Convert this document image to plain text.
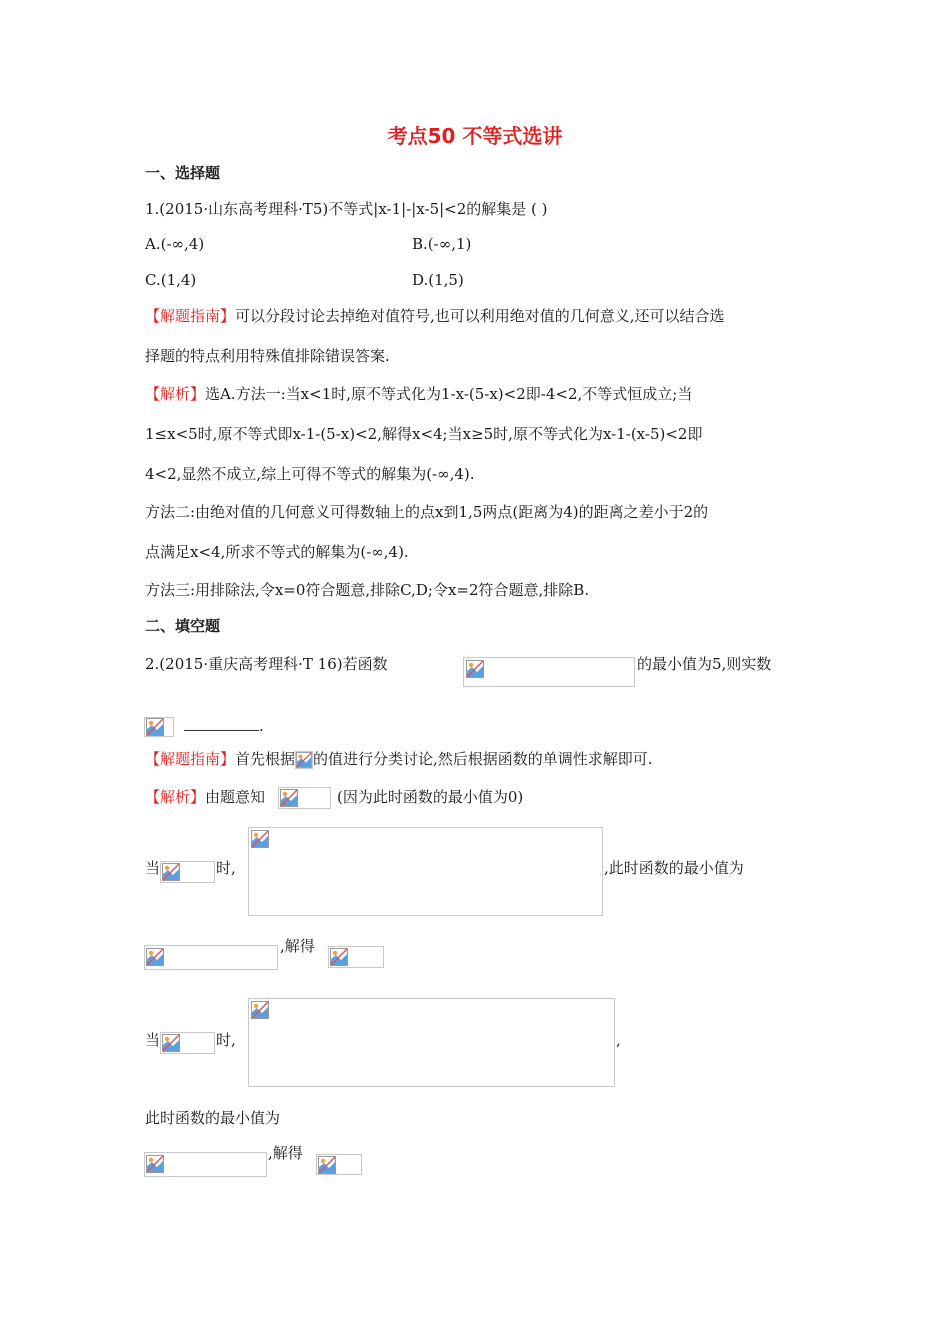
考点50 不等式选讲
一、选择题
1.(2015·山东高考理科·T5)不等式|x-1|-|x-5|<2的解集是 ( )
A.(-∞,4)	B.(-∞,1)
C.(1,4)	D.(1,5)
【解题指南】可以分段讨论去掉绝对值符号,也可以利用绝对值的几何意义,还可以结合选
择题的特点利用特殊值排除错误答案.
【解析】选A.方法一:当x<1时,原不等式化为1-x-(5-x)<2即-4<2,不等式恒成立;当
1≤x<5时,原不等式即x-1-(5-x)<2,解得x<4;当x≥5时,原不等式化为x-1-(x-5)<2即
4<2,显然不成立,综上可得不等式的解集为(-∞,4).
方法二:由绝对值的几何意义可得数轴上的点x到1,5两点(距离为4)的距离之差小于2的
点满足x<4,所求不等式的解集为(-∞,4).
方法三:用排除法,令x=0符合题意,排除C,D;令x=2符合题意,排除B.
二、填空题
2.(2015·重庆高考理科·T 16)若函数	的最小值为5,则实数
.
【解题指南】首先根据 的值进行分类讨论,然后根据函数的单调性求解即可.
【解析】由题意知	(因为此时函数的最小值为0)
当	时,	,此时函数的最小值为
,解得
当	时,	,
此时函数的最小值为
,解得
